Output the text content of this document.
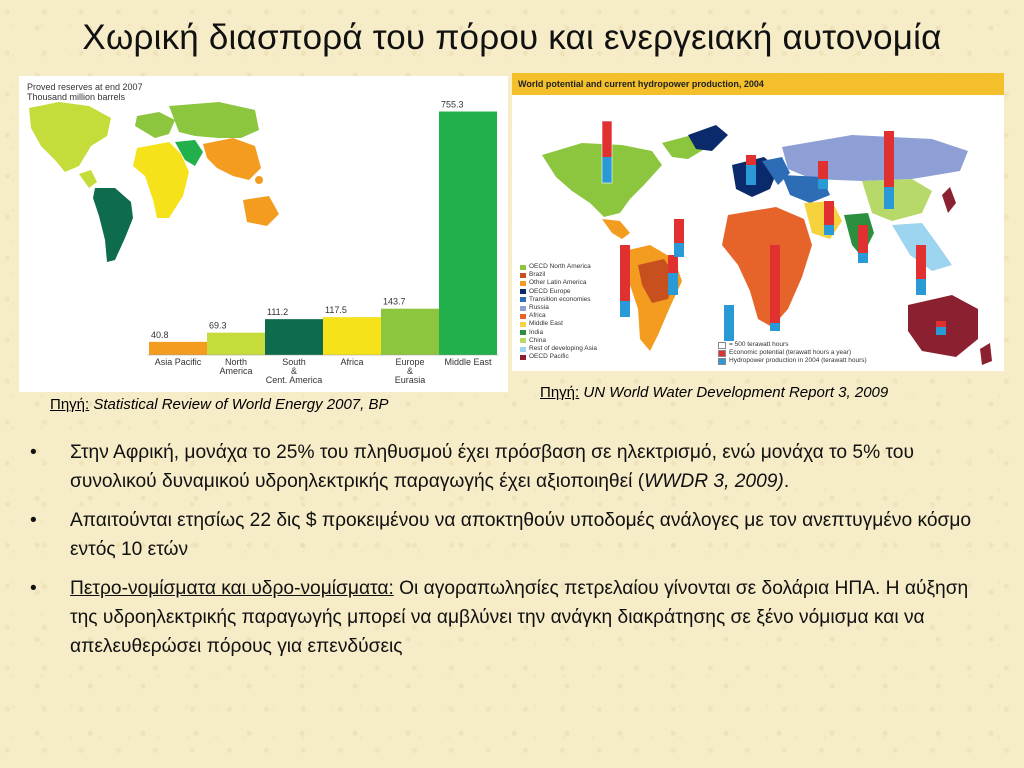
Χωρική διασπορά του πόρου και ενεργειακή αυτονομία
Proved reserves at end 2007
Thousand million barrels
40.8
Asia Pacific
69.3
North America
111.2
South & Cent. America
117.5
Africa
143.7
Europe & Eurasia
755.3
Middle East
Πηγή: Statistical Review of World Energy 2007, BP
World potential and current hydropower production, 2004
OECD North America
Brazil
Other Latin America
OECD Europe
Transition economies
Russia
Africa
Middle East
India
China
Rest of developing Asia
OECD Pacific
= 500 terawatt hours
Economic potential (terawatt hours a year)
Hydropower production in 2004 (terawatt hours)
Πηγή: UN World Water Development Report 3, 2009
• Στην Αφρική, μονάχα το 25% του πληθυσμού έχει πρόσβαση σε ηλεκτρισμό, ενώ μονάχα το 5% του συνολικού δυναμικού υδροηλεκτρικής παραγωγής έχει αξιοποιηθεί (WWDR 3, 2009).
• Απαιτούνται ετησίως 22 δις $ προκειμένου να αποκτηθούν υποδομές ανάλογες με τον ανεπτυγμένο κόσμο εντός 10 ετών
• Πετρο-νομίσματα και υδρο-νομίσματα: Οι αγοραπωλησίες πετρελαίου γίνονται σε δολάρια ΗΠΑ. Η αύξηση της υδροηλεκτρικής παραγωγής μπορεί να αμβλύνει την ανάγκη διακράτησης σε ξένο νόμισμα και να απελευθερώσει πόρους για επενδύσεις
